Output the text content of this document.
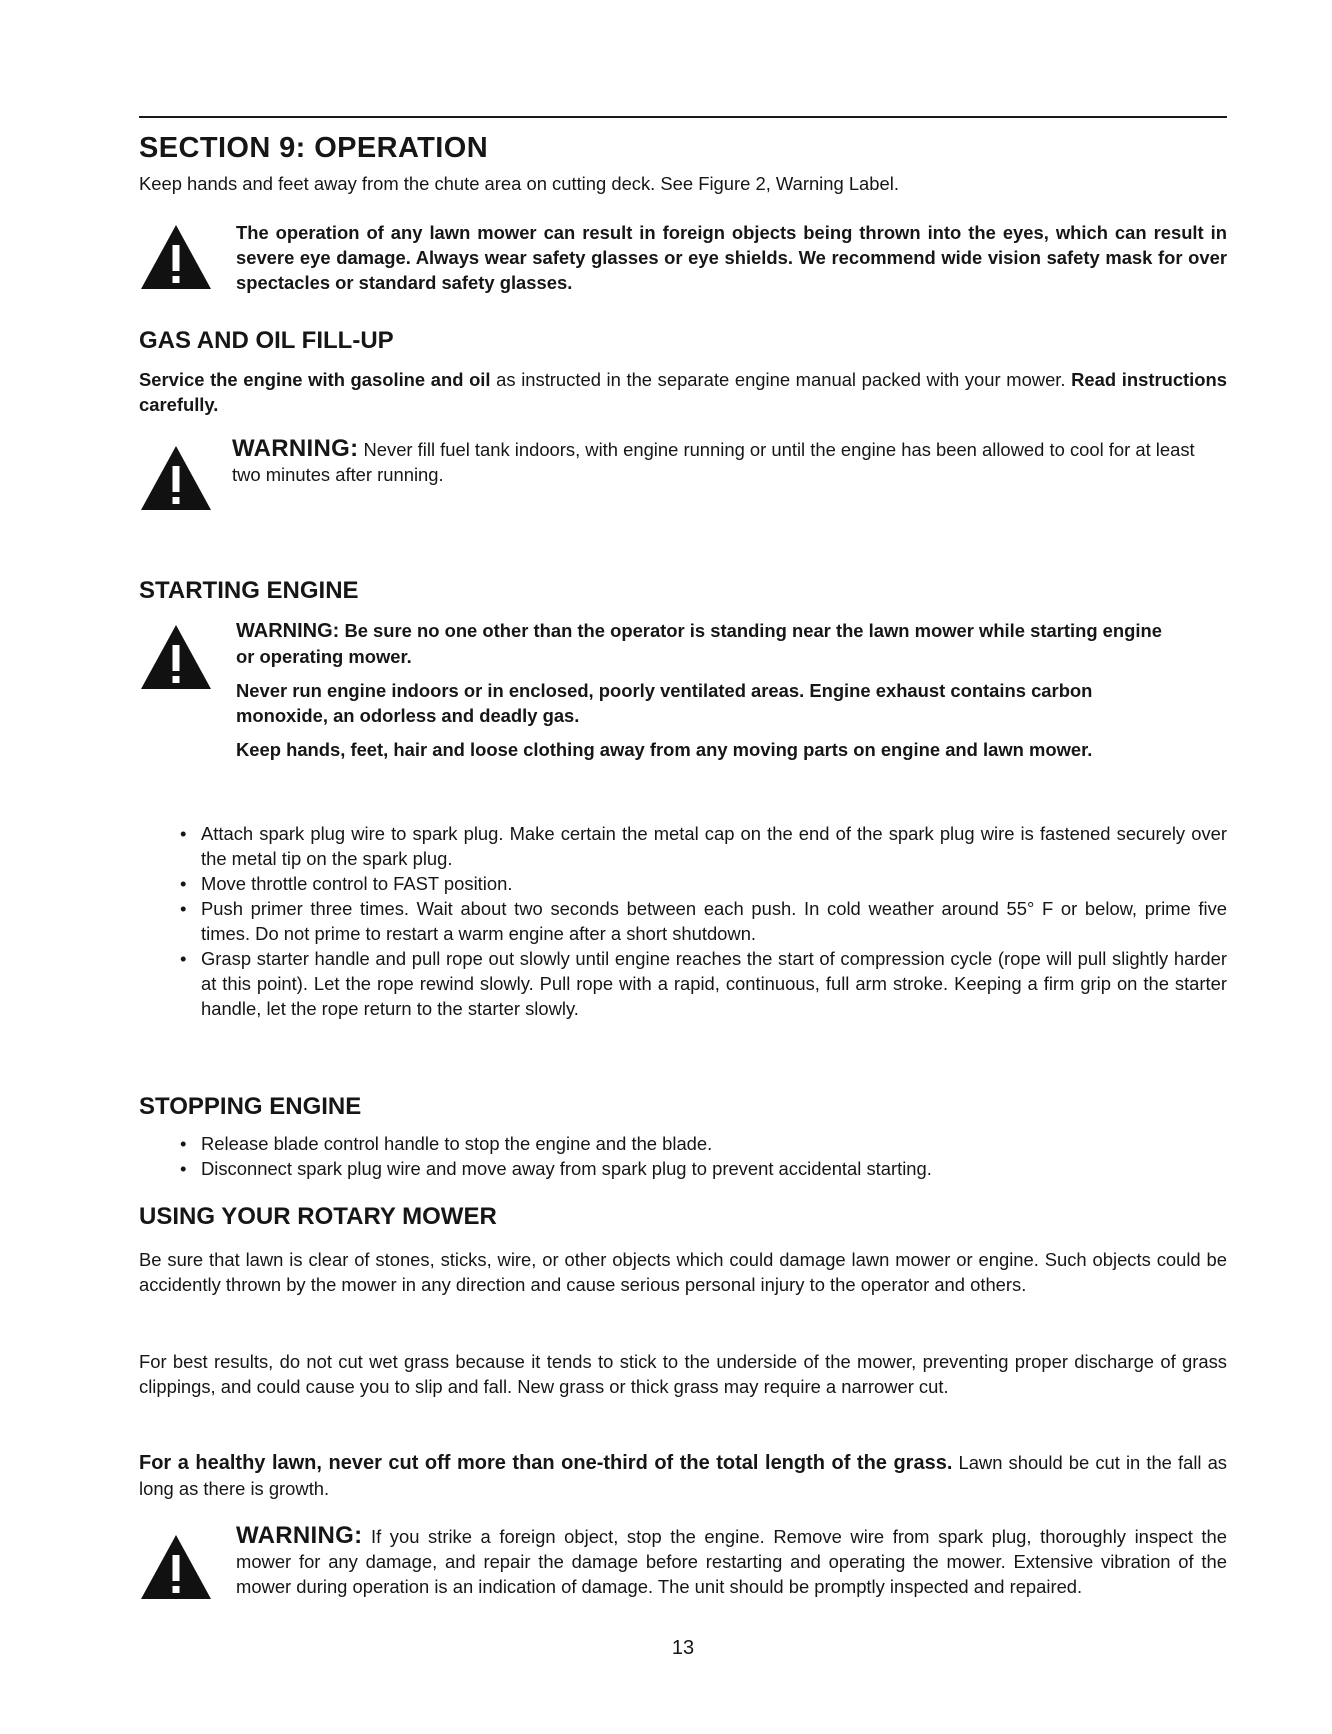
SECTION 9: OPERATION

Keep hands and feet away from the chute area on cutting deck. See Figure 2, Warning Label.

The operation of any lawn mower can result in foreign objects being thrown into the eyes, which can result in severe eye damage. Always wear safety glasses or eye shields. We recommend wide vision safety mask for over spectacles or standard safety glasses.

GAS AND OIL FILL-UP

Service the engine with gasoline and oil as instructed in the separate engine manual packed with your mower. Read instructions carefully.

WARNING: Never fill fuel tank indoors, with engine running or until the engine has been allowed to cool for at least two minutes after running.

STARTING ENGINE

WARNING: Be sure no one other than the operator is standing near the lawn mower while starting engine or operating mower.

Never run engine indoors or in enclosed, poorly ventilated areas. Engine exhaust contains carbon monoxide, an odorless and deadly gas.

Keep hands, feet, hair and loose clothing away from any moving parts on engine and lawn mower.

• Attach spark plug wire to spark plug. Make certain the metal cap on the end of the spark plug wire is fastened securely over the metal tip on the spark plug.
• Move throttle control to FAST position.
• Push primer three times. Wait about two seconds between each push. In cold weather around 55° F or below, prime five times. Do not prime to restart a warm engine after a short shutdown.
• Grasp starter handle and pull rope out slowly until engine reaches the start of compression cycle (rope will pull slightly harder at this point). Let the rope rewind slowly. Pull rope with a rapid, continuous, full arm stroke. Keeping a firm grip on the starter handle, let the rope return to the starter slowly.
STOPPING ENGINE
• Release blade control handle to stop the engine and the blade.
• Disconnect spark plug wire and move away from spark plug to prevent accidental starting.
USING YOUR ROTARY MOWER

Be sure that lawn is clear of stones, sticks, wire, or other objects which could damage lawn mower or engine. Such objects could be accidently thrown by the mower in any direction and cause serious personal injury to the operator and others.

For best results, do not cut wet grass because it tends to stick to the underside of the mower, preventing proper discharge of grass clippings, and could cause you to slip and fall. New grass or thick grass may require a narrower cut.

For a healthy lawn, never cut off more than one-third of the total length of the grass. Lawn should be cut in the fall as long as there is growth.

WARNING: If you strike a foreign object, stop the engine. Remove wire from spark plug, thoroughly inspect the mower for any damage, and repair the damage before restarting and operating the mower. Extensive vibration of the mower during operation is an indication of damage. The unit should be promptly inspected and repaired.

13
